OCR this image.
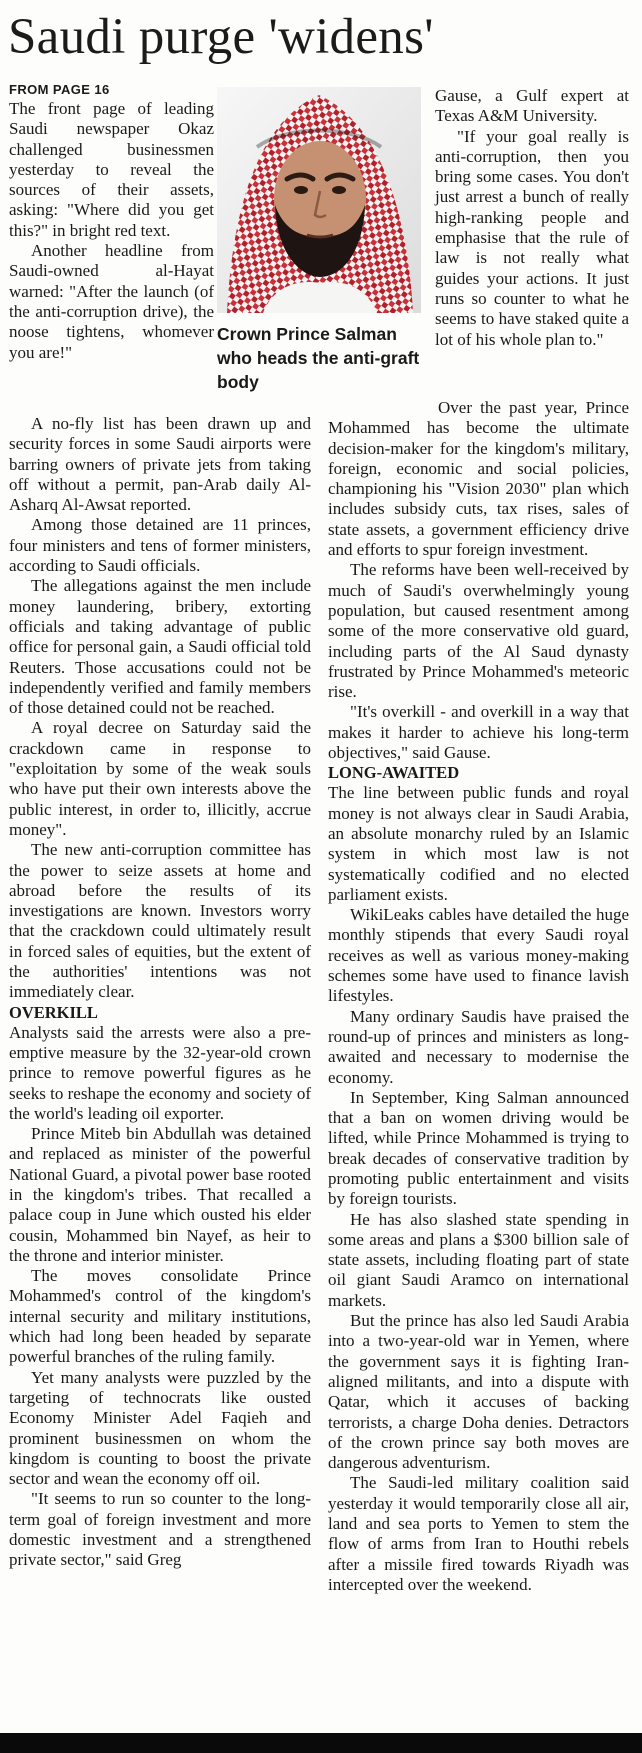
Saudi purge 'widens'
FROM PAGE 16

The front page of leading Saudi newspaper Okaz challenged businessmen yesterday to reveal the sources of their assets, asking: "Where did you get this?" in bright red text.

Another headline from Saudi-owned al-Hayat warned: "After the launch (of the anti-corruption drive), the noose tightens, whomever you are!"

Crown Prince Salman who heads the anti-graft body

A no-fly list has been drawn up and security forces in some Saudi airports were barring owners of private jets from taking off without a permit, pan-Arab daily Al-Asharq Al-Awsat reported.

Among those detained are 11 princes, four ministers and tens of former ministers, according to Saudi officials.

The allegations against the men include money laundering, bribery, extorting officials and taking advantage of public office for personal gain, a Saudi official told Reuters. Those accusations could not be independently verified and family members of those detained could not be reached.

A royal decree on Saturday said the crackdown came in response to "exploitation by some of the weak souls who have put their own interests above the public interest, in order to, illicitly, accrue money".

The new anti-corruption committee has the power to seize assets at home and abroad before the results of its investigations are known. Investors worry that the crackdown could ultimately result in forced sales of equities, but the extent of the authorities' intentions was not immediately clear.

OVERKILL

Analysts said the arrests were also a pre-emptive measure by the 32-year-old crown prince to remove powerful figures as he seeks to reshape the economy and society of the world's leading oil exporter.

Prince Miteb bin Abdullah was detained and replaced as minister of the powerful National Guard, a pivotal power base rooted in the kingdom's tribes. That recalled a palace coup in June which ousted his elder cousin, Mohammed bin Nayef, as heir to the throne and interior minister.

The moves consolidate Prince Mohammed's control of the kingdom's internal security and military institutions, which had long been headed by separate powerful branches of the ruling family.

Yet many analysts were puzzled by the targeting of technocrats like ousted Economy Minister Adel Faqieh and prominent businessmen on whom the kingdom is counting to boost the private sector and wean the economy off oil.

"It seems to run so counter to the long-term goal of foreign investment and more domestic investment and a strengthened private sector," said Greg

Gause, a Gulf expert at Texas A&M University.

"If your goal really is anti-corruption, then you bring some cases. You don't just arrest a bunch of really high-ranking people and emphasise that the rule of law is not really what guides your actions. It just runs so counter to what he seems to have staked quite a lot of his whole plan to."

Over the past year, Prince Mohammed has become the ultimate decision-maker for the kingdom's military, foreign, economic and social policies, championing his "Vision 2030" plan which includes subsidy cuts, tax rises, sales of state assets, a government efficiency drive and efforts to spur foreign investment.

The reforms have been well-received by much of Saudi's overwhelmingly young population, but caused resentment among some of the more conservative old guard, including parts of the Al Saud dynasty frustrated by Prince Mohammed's meteoric rise.

"It's overkill - and overkill in a way that makes it harder to achieve his long-term objectives," said Gause.

LONG-AWAITED

The line between public funds and royal money is not always clear in Saudi Arabia, an absolute monarchy ruled by an Islamic system in which most law is not systematically codified and no elected parliament exists.

WikiLeaks cables have detailed the huge monthly stipends that every Saudi royal receives as well as various money-making schemes some have used to finance lavish lifestyles.

Many ordinary Saudis have praised the round-up of princes and ministers as long-awaited and necessary to modernise the economy.

In September, King Salman announced that a ban on women driving would be lifted, while Prince Mohammed is trying to break decades of conservative tradition by promoting public entertainment and visits by foreign tourists.

He has also slashed state spending in some areas and plans a $300 billion sale of state assets, including floating part of state oil giant Saudi Aramco on international markets.

But the prince has also led Saudi Arabia into a two-year-old war in Yemen, where the government says it is fighting Iran-aligned militants, and into a dispute with Qatar, which it accuses of backing terrorists, a charge Doha denies. Detractors of the crown prince say both moves are dangerous adventurism.

The Saudi-led military coalition said yesterday it would temporarily close all air, land and sea ports to Yemen to stem the flow of arms from Iran to Houthi rebels after a missile fired towards Riyadh was intercepted over the weekend.
